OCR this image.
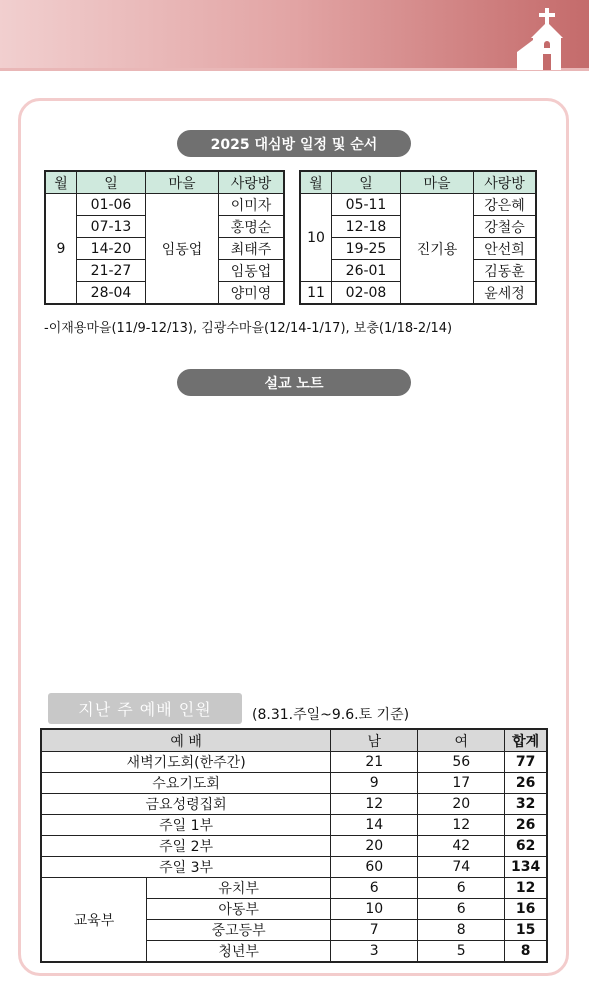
2025 대심방 일정 및 순서
월	일	마을	사랑방
9	01-06	임동업	이미자
	07-13		홍명순
	14-20		최태주
	21-27		임동업
	28-04		양미영
월	일	마을	사랑방
10	05-11	진기용	강은혜
	12-18		강철승
	19-25		안선희
	26-01		김동훈
11	02-08		윤세정
-이재용마을(11/9-12/13), 김광수마을(12/14-1/17), 보충(1/18-2/14)
설교 노트
지난 주 예배 인원	(8.31.주일~9.6.토 기준)
예 배		남	여	합계
새벽기도회(한주간)		21	56	77
수요기도회		9	17	26
금요성령집회		12	20	32
주일 1부		14	12	26
주일 2부		20	42	62
주일 3부		60	74	134
교육부	유치부	6	6	12
	아동부	10	6	16
	중고등부	7	8	15
	청년부	3	5	8
